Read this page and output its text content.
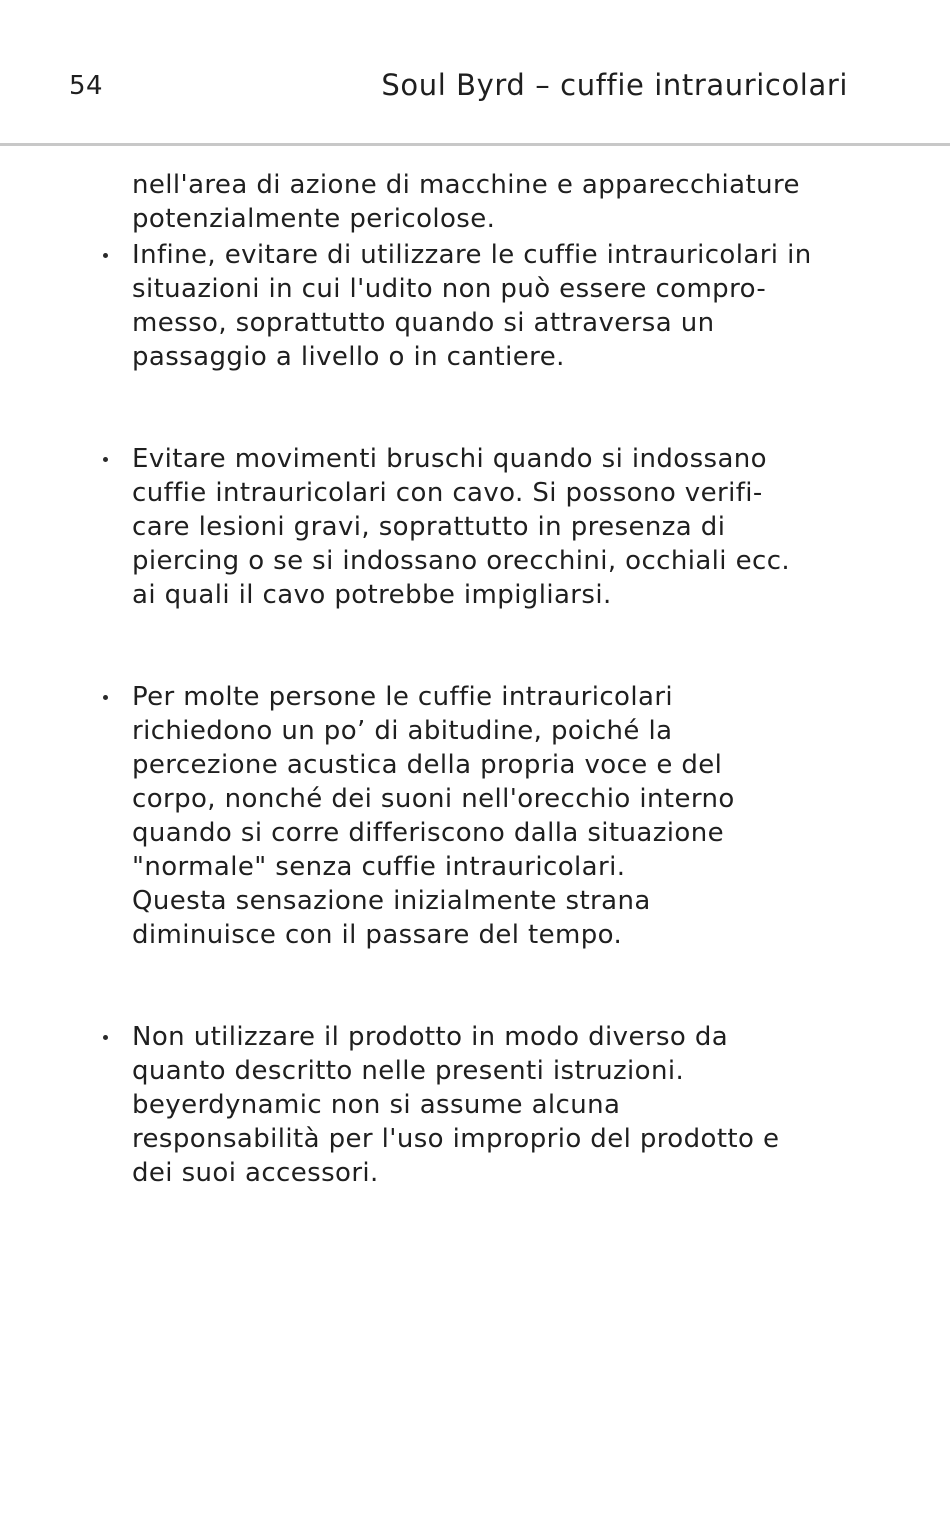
54	Soul Byrd – cuffie intrauricolari
nell'area di azione di macchine e apparecchiature
potenzialmente pericolose.
Infine, evitare di utilizzare le cuffie intrauricolari in
situazioni in cui l'udito non può essere compro-
messo, soprattutto quando si attraversa un
passaggio a livello o in cantiere.
Evitare movimenti bruschi quando si indossano
cuffie intrauricolari con cavo. Si possono verifi-
care lesioni gravi, soprattutto in presenza di
piercing o se si indossano orecchini, occhiali ecc.
ai quali il cavo potrebbe impigliarsi.
Per molte persone le cuffie intrauricolari
richiedono un po’ di abitudine, poiché la
percezione acustica della propria voce e del
corpo, nonché dei suoni nell'orecchio interno
quando si corre differiscono dalla situazione
"normale" senza cuffie intrauricolari.
Questa sensazione inizialmente strana
diminuisce con il passare del tempo.
Non utilizzare il prodotto in modo diverso da
quanto descritto nelle presenti istruzioni.
beyerdynamic non si assume alcuna
responsabilità per l'uso improprio del prodotto e
dei suoi accessori.
